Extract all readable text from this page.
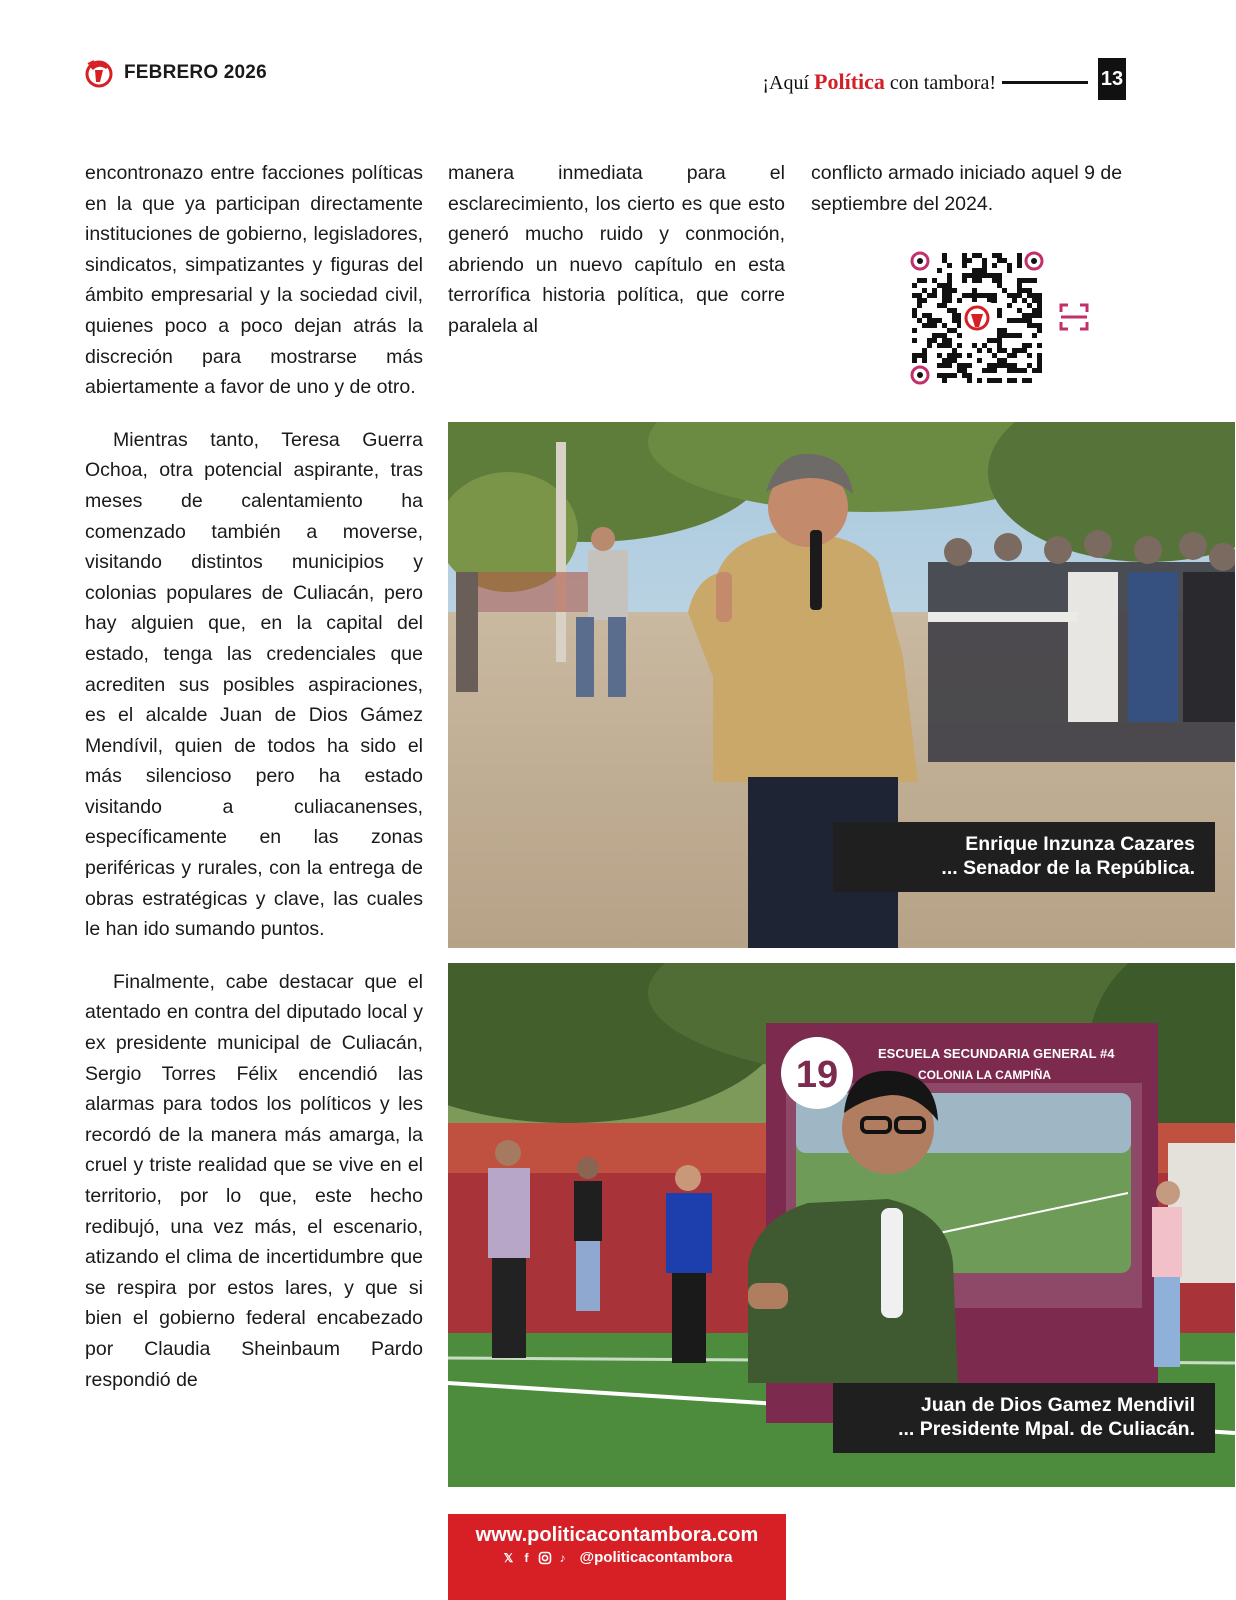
FEBRERO 2026	¡Aquí Política con tambora!	13

encontronazo entre facciones políticas en la que ya participan directamente instituciones de gobierno, legisladores, sindicatos, simpatizantes y figuras del ámbito empresarial y la sociedad civil, quienes poco a poco dejan atrás la discreción para mostrarse más abiertamente a favor de uno y de otro.

Mientras tanto, Teresa Guerra Ochoa, otra potencial aspirante, tras meses de calentamiento ha comenzado también a moverse, visitando distintos municipios y colonias populares de Culiacán, pero hay alguien que, en la capital del estado, tenga las credenciales que acrediten sus posibles aspiraciones, es el alcalde Juan de Dios Gámez Mendívil, quien de todos ha sido el más silencioso pero ha estado visitando a culiacanenses, específicamente en las zonas periféricas y rurales, con la entrega de obras estratégicas y clave, las cuales le han ido sumando puntos.

Finalmente, cabe destacar que el atentado en contra del diputado local y ex presidente municipal de Culiacán, Sergio Torres Félix encendió las alarmas para todos los políticos y les recordó de la manera más amarga, la cruel y triste realidad que se vive en el territorio, por lo que, este hecho redibujó, una vez más, el escenario, atizando el clima de incertidumbre que se respira por estos lares, y que si bien el gobierno federal encabezado por Claudia Sheinbaum Pardo respondió de

manera inmediata para el esclarecimiento, los cierto es que esto generó mucho ruido y conmoción, abriendo un nuevo capítulo en esta terrorífica historia política, que corre paralela al

conflicto armado iniciado aquel 9 de septiembre del 2024.

Enrique Inzunza Cazares
... Senador de la República.
19
ESCUELA SECUNDARIA GENERAL #4
COLONIA LA CAMPIÑA
Juan de Dios Gamez Mendivil
... Presidente Mpal. de Culiacán.
www.politicacontambora.com
𝕏 f	♪ @politicacontambora
